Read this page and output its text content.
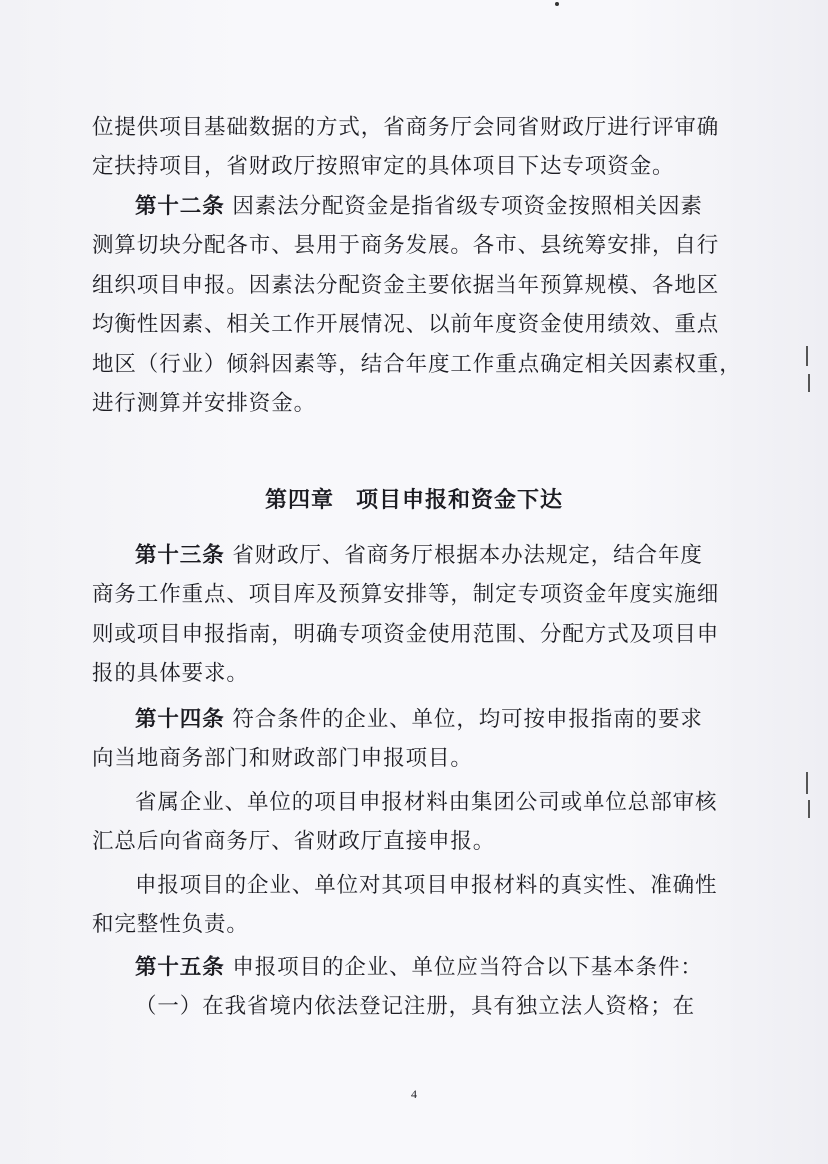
位提供项目基础数据的方式，省商务厅会同省财政厅进行评审确
定扶持项目，省财政厅按照审定的具体项目下达专项资金。
第十二条 因素法分配资金是指省级专项资金按照相关因素
测算切块分配各市、县用于商务发展。各市、县统筹安排，自行
组织项目申报。因素法分配资金主要依据当年预算规模、各地区
均衡性因素、相关工作开展情况、以前年度资金使用绩效、重点
地区（行业）倾斜因素等，结合年度工作重点确定相关因素权重，
进行测算并安排资金。
第四章 项目申报和资金下达
第十三条 省财政厅、省商务厅根据本办法规定，结合年度
商务工作重点、项目库及预算安排等，制定专项资金年度实施细
则或项目申报指南，明确专项资金使用范围、分配方式及项目申
报的具体要求。
第十四条 符合条件的企业、单位，均可按申报指南的要求
向当地商务部门和财政部门申报项目。
省属企业、单位的项目申报材料由集团公司或单位总部审核
汇总后向省商务厅、省财政厅直接申报。
申报项目的企业、单位对其项目申报材料的真实性、准确性
和完整性负责。
第十五条 申报项目的企业、单位应当符合以下基本条件：
（一）在我省境内依法登记注册，具有独立法人资格；在
4
